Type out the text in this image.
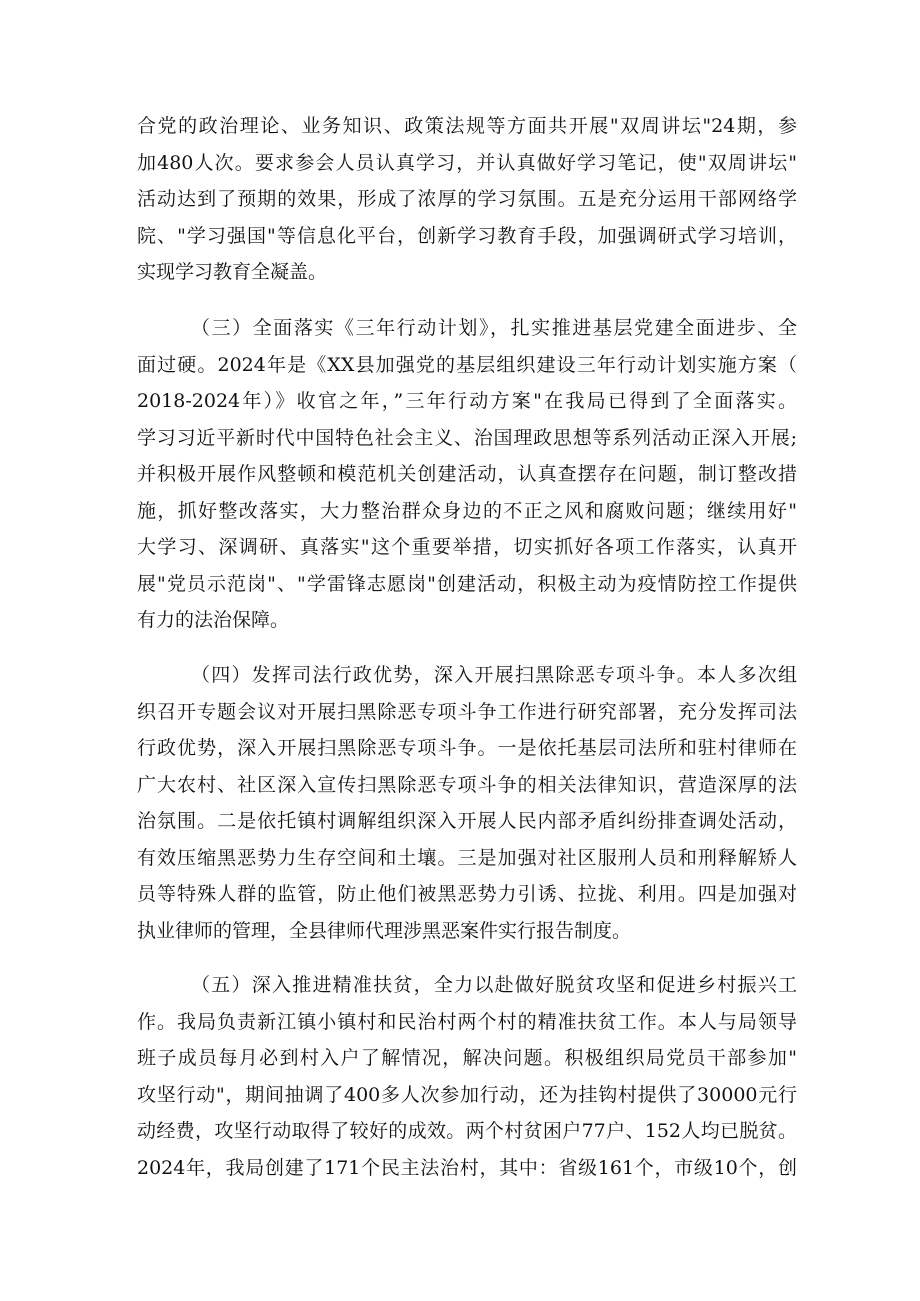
合党的政治理论、业务知识、政策法规等方面共开展"双周讲坛"24期，参
加480人次。要求参会人员认真学习，并认真做好学习笔记，使"双周讲坛"
活动达到了预期的效果，形成了浓厚的学习氛围。五是充分运用干部网络学
院、"学习强国"等信息化平台，创新学习教育手段，加强调研式学习培训，
实现学习教育全凝盖。
（三）全面落实《三年行动计划》，扎实推进基层党建全面进步、全
面过硬。2024年是《XX县加强党的基层组织建设三年行动计划实施方案（
2018-2024年）》收官之年，”三年行动方案"在我局已得到了全面落实。
学习习近平新时代中国特色社会主义、治国理政思想等系列活动正深入开展;
并积极开展作风整顿和模范机关创建活动，认真查摆存在问题，制订整改措
施，抓好整改落实，大力整治群众身边的不正之风和腐败问题；继续用好"
大学习、深调研、真落实"这个重要举措，切实抓好各项工作落实，认真开
展"党员示范岗"、"学雷锋志愿岗"创建活动，积极主动为疫情防控工作提供
有力的法治保障。
（四）发挥司法行政优势，深入开展扫黑除恶专项斗争。本人多次组
织召开专题会议对开展扫黑除恶专项斗争工作进行研究部署，充分发挥司法
行政优势，深入开展扫黑除恶专项斗争。一是依托基层司法所和驻村律师在
广大农村、社区深入宣传扫黑除恶专项斗争的相关法律知识，营造深厚的法
治氛围。二是依托镇村调解组织深入开展人民内部矛盾纠纷排查调处活动，
有效压缩黑恶势力生存空间和土壤。三是加强对社区服刑人员和刑释解矫人
员等特殊人群的监管，防止他们被黑恶势力引诱、拉拢、利用。四是加强对
执业律师的管理，全县律师代理涉黑恶案件实行报告制度。
（五）深入推进精准扶贫，全力以赴做好脱贫攻坚和促进乡村振兴工
作。我局负责新江镇小镇村和民治村两个村的精准扶贫工作。本人与局领导
班子成员每月必到村入户了解情况，解决问题。积极组织局党员干部参加"
攻坚行动"，期间抽调了400多人次参加行动，还为挂钩村提供了30000元行
动经费，攻坚行动取得了较好的成效。两个村贫困户77户、152人均已脱贫。
2024年，我局创建了171个民主法治村，其中：省级161个，市级10个，创
